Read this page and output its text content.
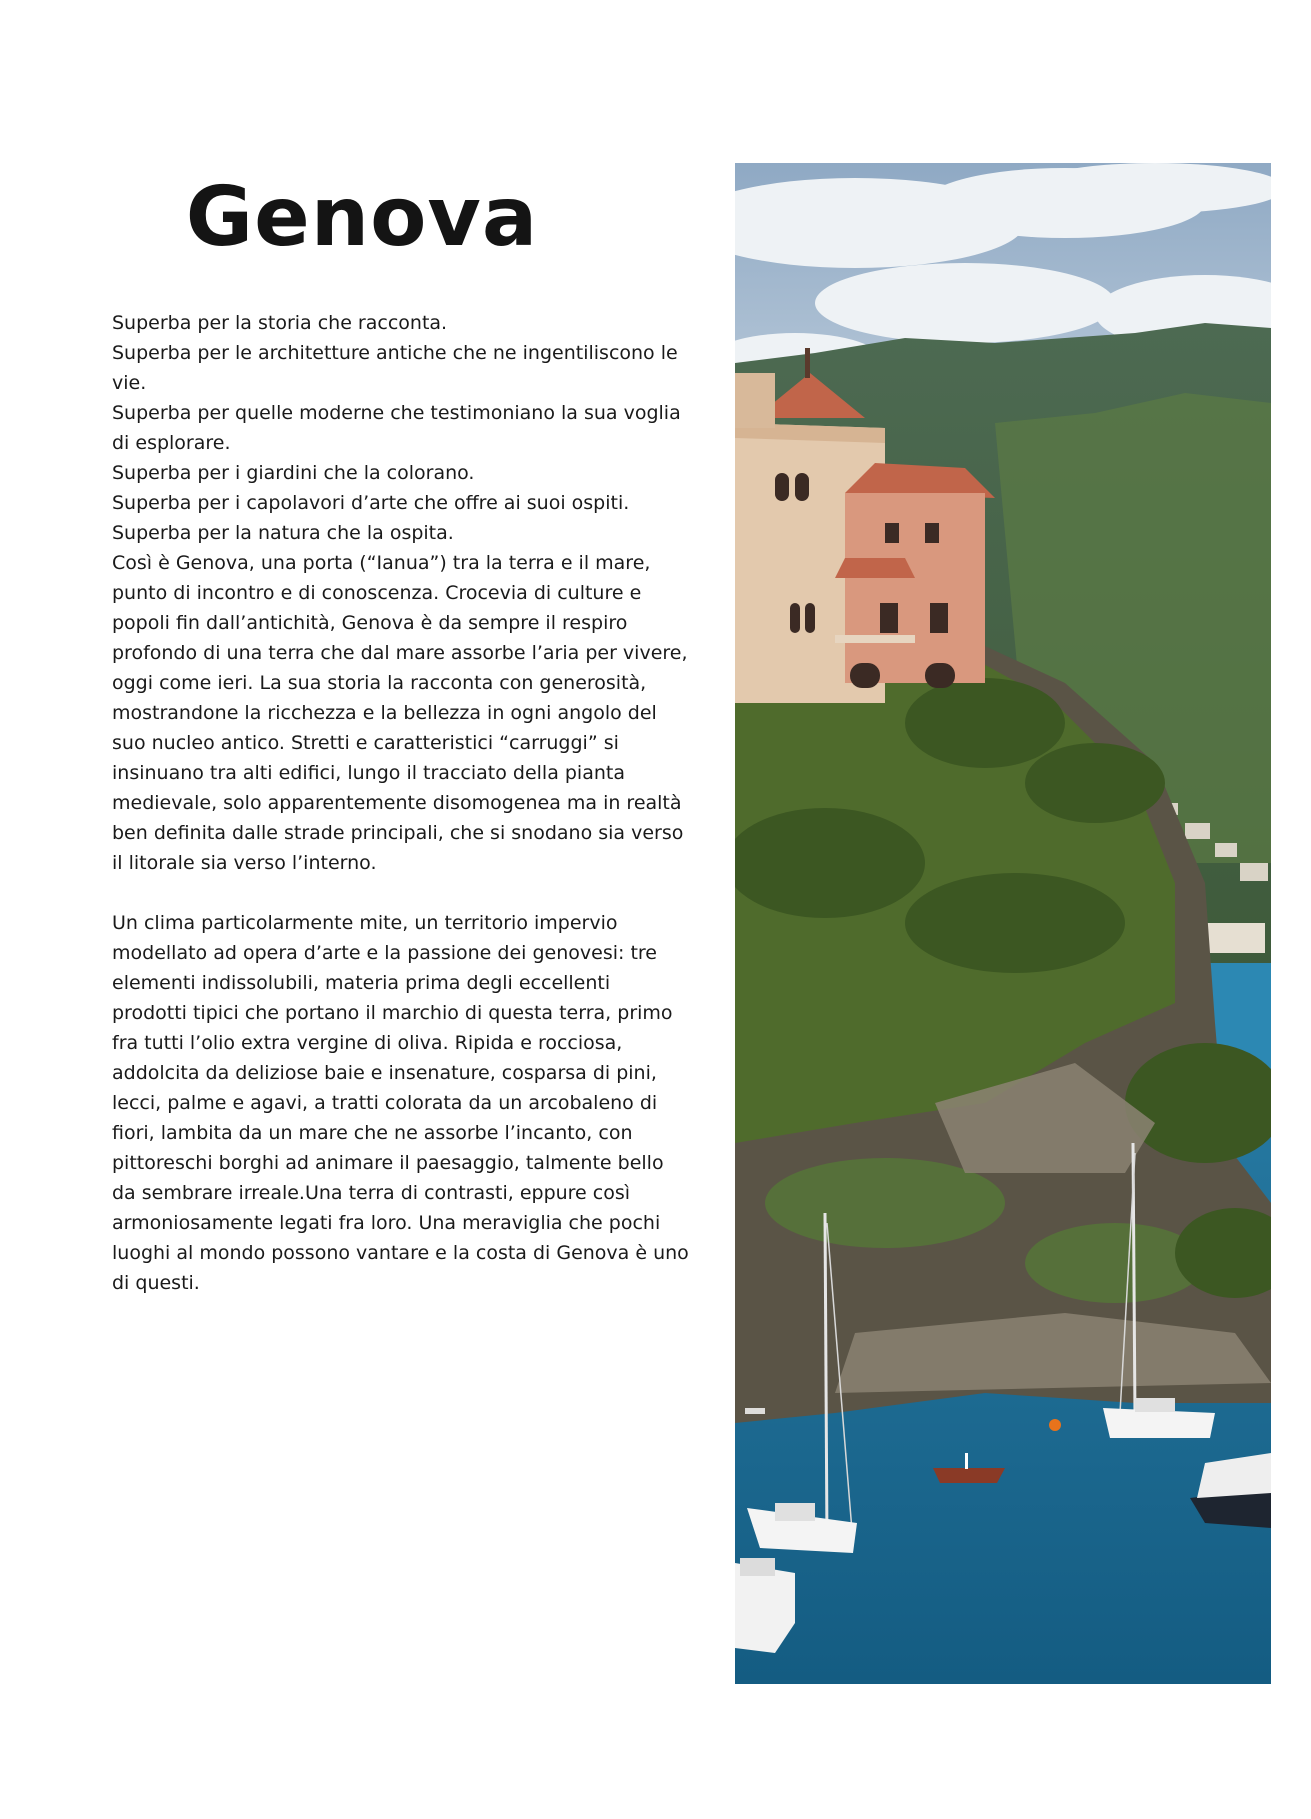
Genova
Superba per la storia che racconta.
Superba per le architetture antiche che ne ingentiliscono le vie.
Superba per quelle moderne che testimoniano la sua voglia di esplorare.
Superba per i giardini che la colorano.
Superba per i capolavori d’arte che offre ai suoi ospiti.
Superba per la natura che la ospita.
Così è Genova, una porta (“Ianua”) tra la terra e il mare, punto di incontro e di conoscenza. Crocevia di culture e popoli fin dall’antichità, Genova è da sempre il respiro profondo di una terra che dal mare assorbe l’aria per vivere, oggi come ieri. La sua storia la racconta con generosità, mostrandone la ricchezza e la bellezza in ogni angolo del suo nucleo antico. Stretti e caratteristici “carruggi” si insinuano tra alti edifici, lungo il tracciato della pianta medievale, solo apparentemente disomogenea ma in realtà ben definita dalle strade principali, che si snodano sia verso il litorale sia verso l’interno.
Un clima particolarmente mite, un territorio impervio modellato ad opera d’arte e la passione dei genovesi: tre elementi indissolubili, materia prima degli eccellenti prodotti tipici che portano il marchio di questa terra, primo fra tutti l’olio extra vergine di oliva. Ripida e rocciosa, addolcita da deliziose baie e insenature, cosparsa di pini, lecci, palme e agavi, a tratti colorata da un arcobaleno di fiori, lambita da un mare che ne assorbe l’incanto, con pittoreschi borghi ad animare il paesaggio, talmente bello da sembrare irreale.Una terra di contrasti, eppure così armoniosamente legati fra loro. Una meraviglia che pochi luoghi al mondo possono vantare e la costa di Genova è uno di questi.
